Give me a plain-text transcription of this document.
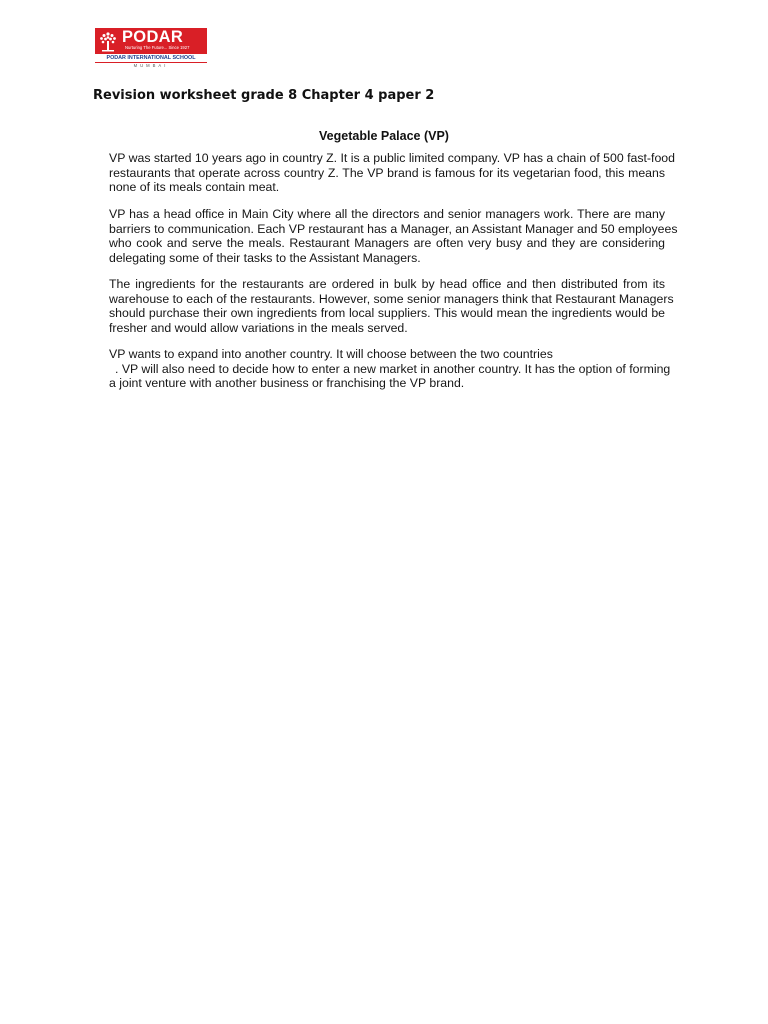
PODAR
Nurturing The Future... Since 1927
PODAR INTERNATIONAL SCHOOL
MUMBAI
Revision worksheet grade 8 Chapter 4 paper 2
Vegetable Palace (VP)
VP was started 10 years ago in country Z. It is a public limited company. VP has a chain of 500 fast-food
restaurants that operate across country Z. The VP brand is famous for its vegetarian food, this means
none of its meals contain meat.
VP has a head office in Main City where all the directors and senior managers work. There are many
barriers to communication. Each VP restaurant has a Manager, an Assistant Manager and 50 employees
who cook and serve the meals. Restaurant Managers are often very busy and they are considering
delegating some of their tasks to the Assistant Managers.
The ingredients for the restaurants are ordered in bulk by head office and then distributed from its
warehouse to each of the restaurants. However, some senior managers think that Restaurant Managers
should purchase their own ingredients from local suppliers. This would mean the ingredients would be
fresher and would allow variations in the meals served.
VP wants to expand into another country. It will choose between the two countries
. VP will also need to decide how to enter a new market in another country. It has the option of forming
a joint venture with another business or franchising the VP brand.
